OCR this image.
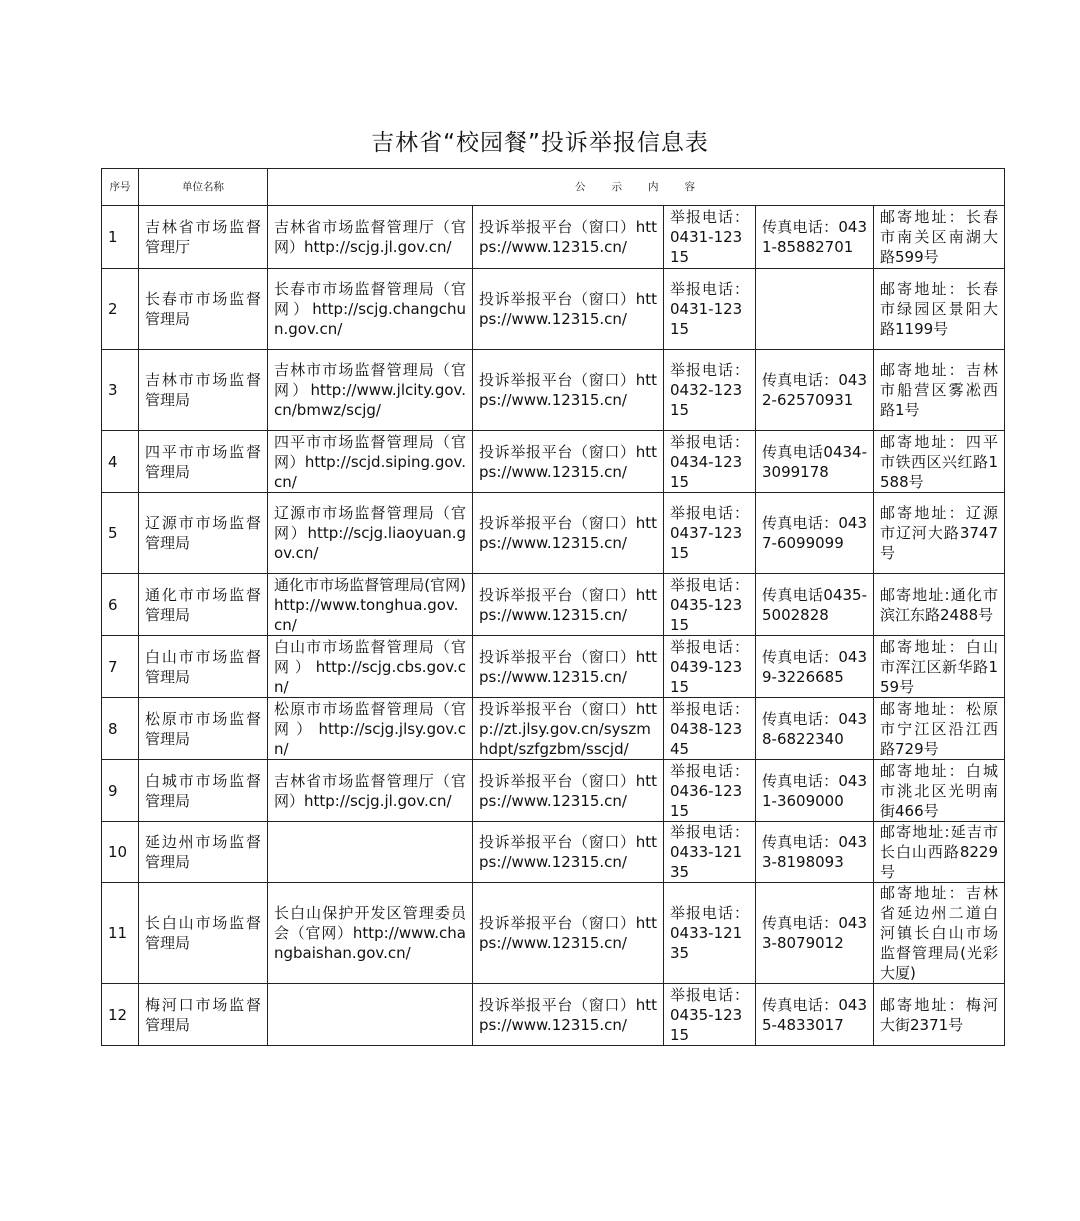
吉林省“校园餐”投诉举报信息表
序号	单位名称	公示内容				
1	吉林省市场监督管理厅	吉林省市场监督管理厅（官网）http://scjg.jl.gov.cn/	投诉举报平台（窗口）https://www.12315.cn/	举报电话：0431-12315	传真电话：0431-85882701	邮寄地址：长春市南关区南湖大路599号
2	长春市市场监督管理局	长春市市场监督管理局（官网）http://scjg.changchun.gov.cn/	投诉举报平台（窗口）https://www.12315.cn/	举报电话：0431-12315		邮寄地址：长春市绿园区景阳大路1199号
3	吉林市市场监督管理局	吉林市市场监督管理局（官网）http://www.jlcity.gov.cn/bmwz/scjg/	投诉举报平台（窗口）https://www.12315.cn/	举报电话：0432-12315	传真电话：0432-62570931	邮寄地址：吉林市船营区雾凇西路1号
4	四平市市场监督管理局	四平市市场监督管理局（官网）http://scjd.siping.gov.cn/	投诉举报平台（窗口）https://www.12315.cn/	举报电话：0434-12315	传真电话0434-3099178	邮寄地址：四平市铁西区兴红路1588号
5	辽源市市场监督管理局	辽源市市场监督管理局（官网）http://scjg.liaoyuan.gov.cn/	投诉举报平台（窗口）https://www.12315.cn/	举报电话：0437-12315	传真电话：0437-6099099	邮寄地址：辽源市辽河大路3747号
6	通化市市场监督管理局	通化市市场监督管理局(官网)http://www.tonghua.gov.cn/	投诉举报平台（窗口）https://www.12315.cn/	举报电话：0435-12315	传真电话0435-5002828	邮寄地址:通化市滨江东路2488号
7	白山市市场监督管理局	白山市市场监督管理局（官网）http://scjg.cbs.gov.cn/	投诉举报平台（窗口）https://www.12315.cn/	举报电话：0439-12315	传真电话：0439-3226685	邮寄地址：白山市浑江区新华路159号
8	松原市市场监督管理局	松原市市场监督管理局（官网）http://scjg.jlsy.gov.cn/	投诉举报平台（窗口）http://zt.jlsy.gov.cn/syszmhdpt/szfgzbm/sscjd/	举报电话：0438-12345	传真电话：0438-6822340	邮寄地址：松原市宁江区沿江西路729号
9	白城市市场监督管理局	吉林省市场监督管理厅（官网）http://scjg.jl.gov.cn/	投诉举报平台（窗口）https://www.12315.cn/	举报电话：0436-12315	传真电话：0431-3609000	邮寄地址：白城市洮北区光明南街466号
10	延边州市场监督管理局		投诉举报平台（窗口）https://www.12315.cn/	举报电话：0433-12135	传真电话：0433-8198093	邮寄地址:延吉市长白山西路8229号
11	长白山市场监督管理局	长白山保护开发区管理委员会（官网）http://www.changbaishan.gov.cn/	投诉举报平台（窗口）https://www.12315.cn/	举报电话：0433-12135	传真电话：0433-8079012	邮寄地址：吉林省延边州二道白河镇长白山市场监督管理局(光彩大厦)
12	梅河口市场监督管理局		投诉举报平台（窗口）https://www.12315.cn/	举报电话：0435-12315	传真电话：0435-4833017	邮寄地址：梅河大街2371号
